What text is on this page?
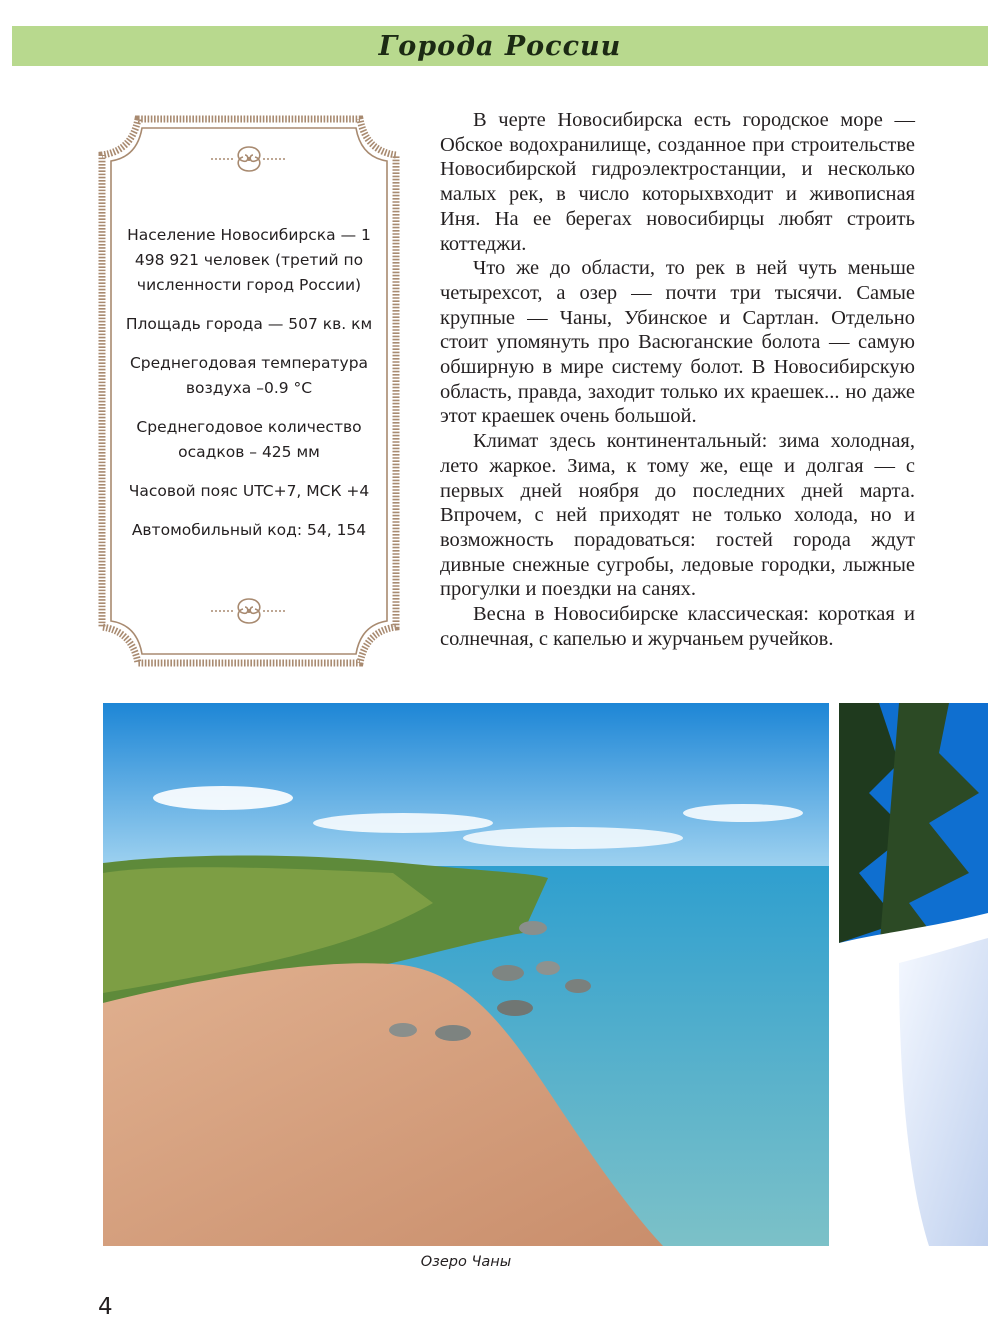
Города России

Население Новосибирска — 1 498 921 человек (третий по численности город России)

Площадь города — 507 кв. км

Среднегодовая температура воздуха –0.9 °С

Среднегодовое количество осадков – 425 мм

Часовой пояс UTC+7, МСК +4

Автомобильный код: 54, 154

В черте Новосибирска есть городское море — Обское водохранилище, созданное при строительстве Новосибирской гидроэлектростанции, и несколько малых рек, в число которыхвходит и живописная Иня. На ее берегах новосибирцы любят строить коттеджи.

Что же до области, то рек в ней чуть меньше четырехсот, а озер — почти три тысячи. Самые крупные — Чаны, Убинское и Сартлан. Отдельно стоит упомянуть про Васюганские болота — самую обширную в мире систему болот. В Новосибирскую область, правда, заходит только их краешек... но даже этот краешек очень большой.

Климат здесь континентальный: зима холодная, лето жаркое. Зима, к тому же, еще и долгая — с первых дней ноября до последних дней марта. Впрочем, с ней приходят не только холода, но и возможность порадоваться: гостей города ждут дивные снежные сугробы, ледовые городки, лыжные прогулки и поездки на санях.

Весна в Новосибирске классическая: короткая и солнечная, с капелью и журчаньем ручейков.

Озеро Чаны
4
